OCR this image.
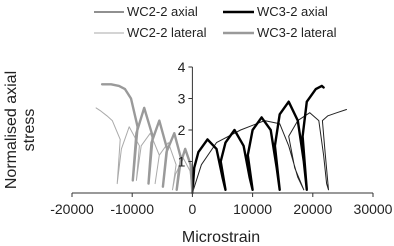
WC2-2 axial	WC3-2 axial
WC2-2 lateral	WC3-2 lateral
-20000 -10000 0	10000 20000 30000
1
2
3
4
Microstrain
Normalised axial stress
